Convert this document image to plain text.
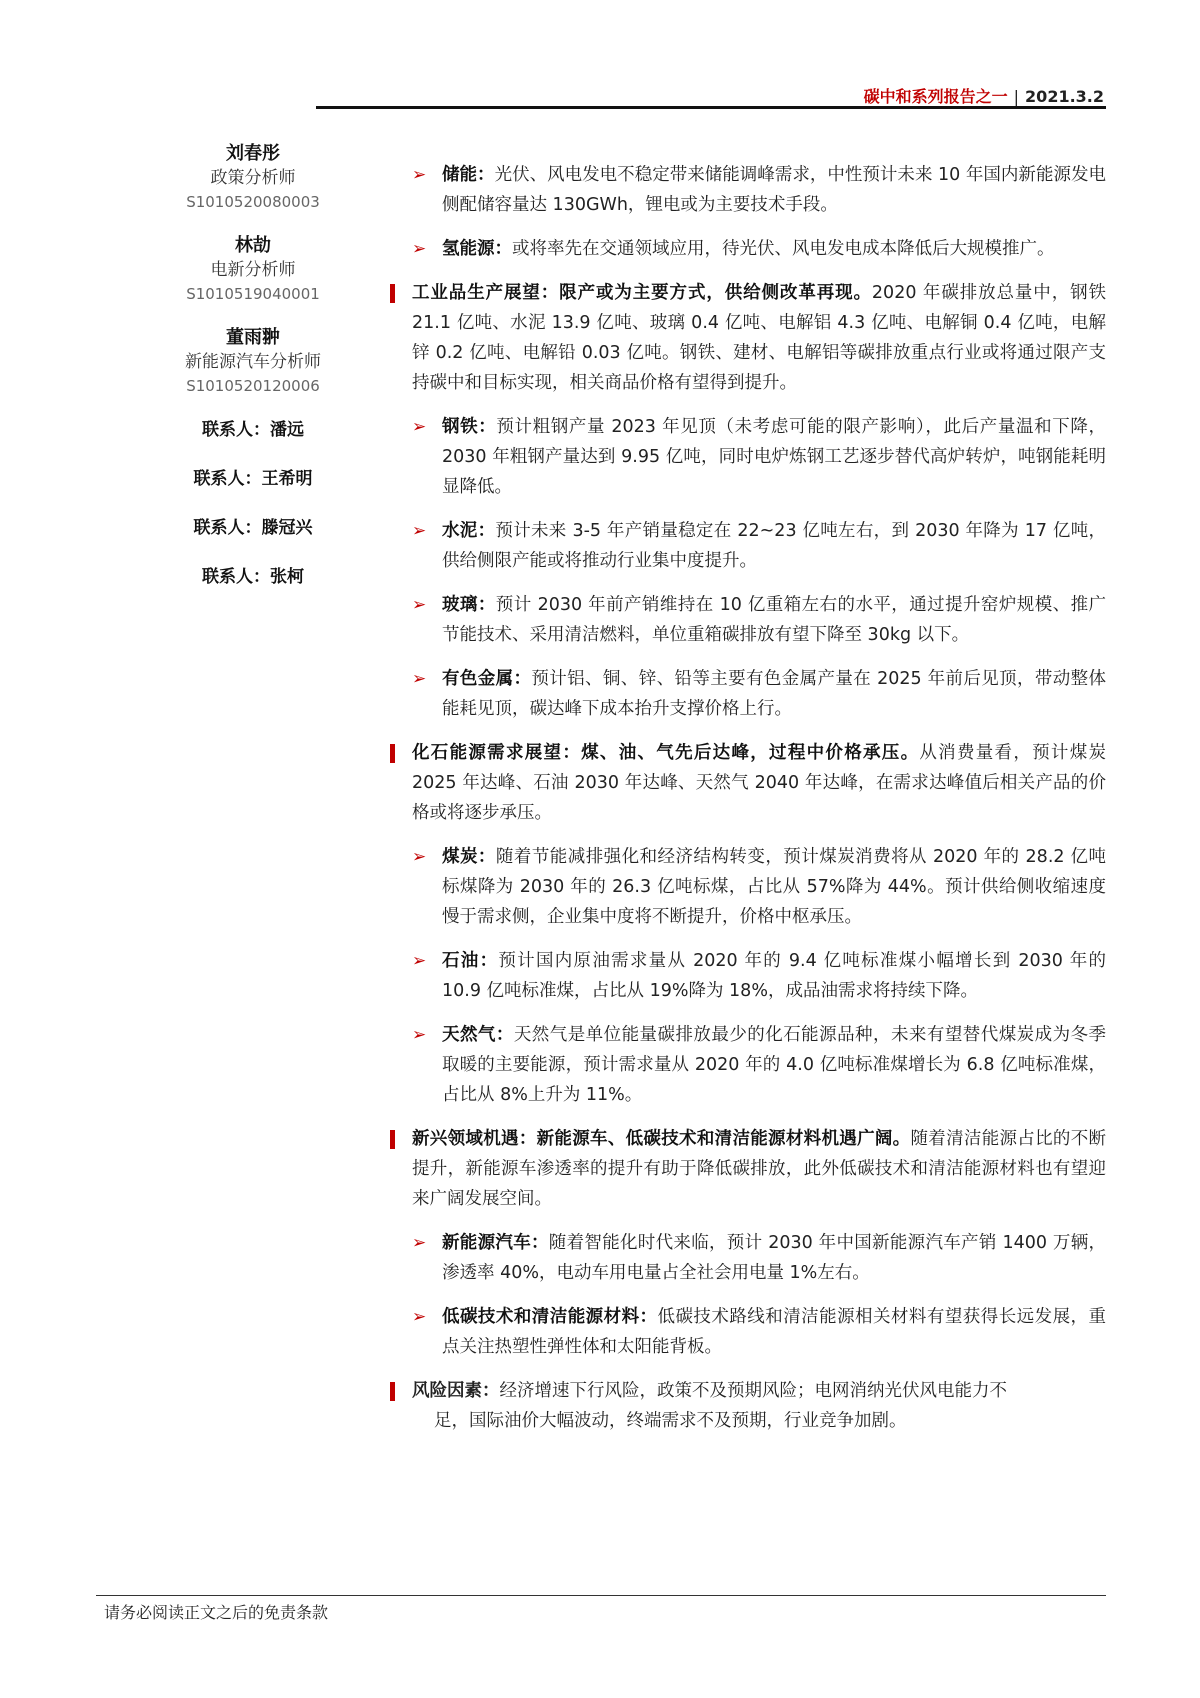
碳中和系列报告之一 | 2021.3.2
刘春彤
政策分析师
S1010520080003
林劼
电新分析师
S1010519040001
董雨翀
新能源汽车分析师
S1010520120006
联系人：潘远
联系人：王希明
联系人：滕冠兴
联系人：张柯
➢ 储能：光伏、风电发电不稳定带来储能调峰需求，中性预计未来 10 年国内新能源发电侧配储容量达 130GWh，锂电或为主要技术手段。
➢ 氢能源：或将率先在交通领域应用，待光伏、风电发电成本降低后大规模推广。
工业品生产展望：限产或为主要方式，供给侧改革再现。2020 年碳排放总量中，钢铁 21.1 亿吨、水泥 13.9 亿吨、玻璃 0.4 亿吨、电解铝 4.3 亿吨、电解铜 0.4 亿吨，电解锌 0.2 亿吨、电解铅 0.03 亿吨。钢铁、建材、电解铝等碳排放重点行业或将通过限产支持碳中和目标实现，相关商品价格有望得到提升。
➢ 钢铁：预计粗钢产量 2023 年见顶（未考虑可能的限产影响），此后产量温和下降，2030 年粗钢产量达到 9.95 亿吨，同时电炉炼钢工艺逐步替代高炉转炉，吨钢能耗明显降低。
➢ 水泥：预计未来 3-5 年产销量稳定在 22~23 亿吨左右，到 2030 年降为 17 亿吨，供给侧限产能或将推动行业集中度提升。
➢ 玻璃：预计 2030 年前产销维持在 10 亿重箱左右的水平，通过提升窑炉规模、推广节能技术、采用清洁燃料，单位重箱碳排放有望下降至 30kg 以下。
➢ 有色金属：预计铝、铜、锌、铅等主要有色金属产量在 2025 年前后见顶，带动整体能耗见顶，碳达峰下成本抬升支撑价格上行。
化石能源需求展望：煤、油、气先后达峰，过程中价格承压。从消费量看，预计煤炭 2025 年达峰、石油 2030 年达峰、天然气 2040 年达峰，在需求达峰值后相关产品的价格或将逐步承压。
➢ 煤炭：随着节能减排强化和经济结构转变，预计煤炭消费将从 2020 年的 28.2 亿吨标煤降为 2030 年的 26.3 亿吨标煤，占比从 57%降为 44%。预计供给侧收缩速度慢于需求侧，企业集中度将不断提升，价格中枢承压。
➢ 石油：预计国内原油需求量从 2020 年的 9.4 亿吨标准煤小幅增长到 2030 年的 10.9 亿吨标准煤，占比从 19%降为 18%，成品油需求将持续下降。
➢ 天然气：天然气是单位能量碳排放最少的化石能源品种，未来有望替代煤炭成为冬季取暖的主要能源，预计需求量从 2020 年的 4.0 亿吨标准煤增长为 6.8 亿吨标准煤，占比从 8%上升为 11%。
新兴领域机遇：新能源车、低碳技术和清洁能源材料机遇广阔。随着清洁能源占比的不断提升，新能源车渗透率的提升有助于降低碳排放，此外低碳技术和清洁能源材料也有望迎来广阔发展空间。
➢ 新能源汽车：随着智能化时代来临，预计 2030 年中国新能源汽车产销 1400 万辆，渗透率 40%，电动车用电量占全社会用电量 1%左右。
➢ 低碳技术和清洁能源材料：低碳技术路线和清洁能源相关材料有望获得长远发展，重点关注热塑性弹性体和太阳能背板。
风险因素：经济增速下行风险，政策不及预期风险；电网消纳光伏风电能力不
足，国际油价大幅波动，终端需求不及预期，行业竞争加剧。
请务必阅读正文之后的免责条款
